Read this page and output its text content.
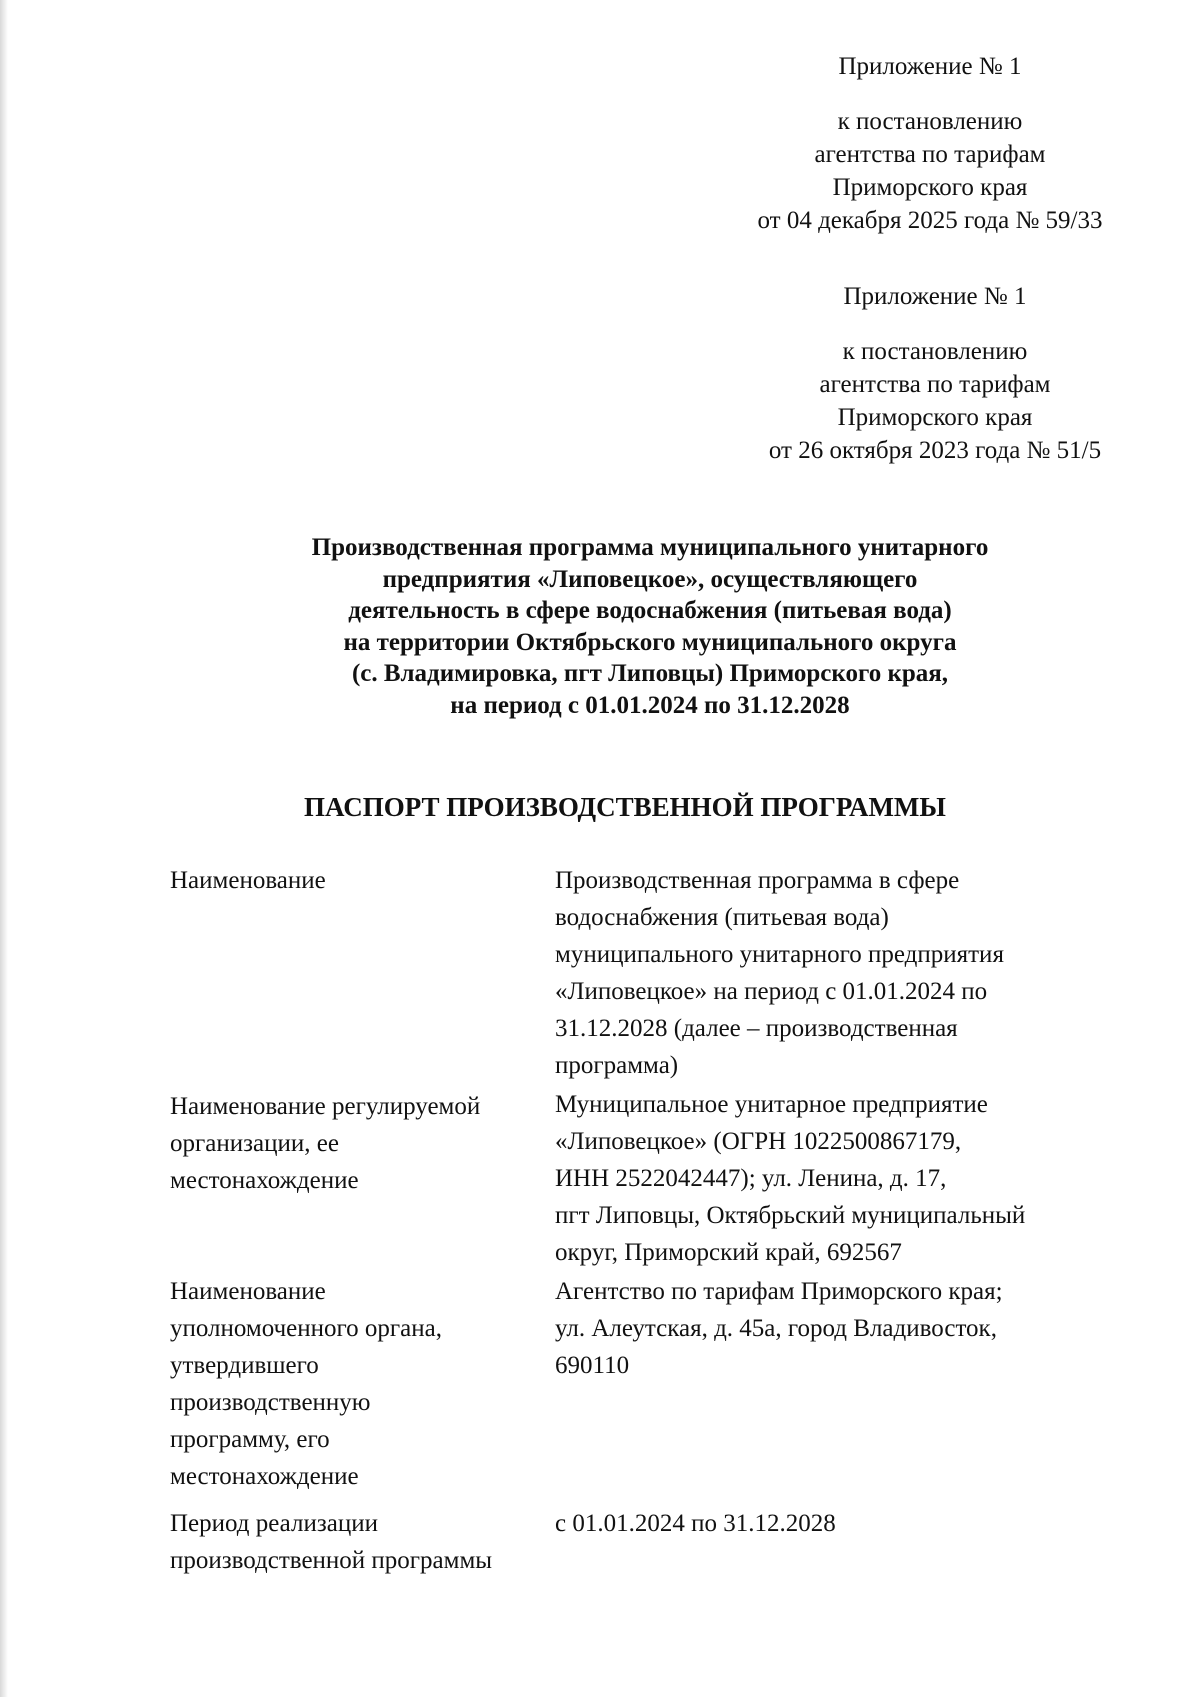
Приложение № 1
к постановлению
агентства по тарифам
Приморского края
от 04 декабря 2025 года № 59/33
Приложение № 1
к постановлению
агентства по тарифам
Приморского края
от 26 октября 2023 года № 51/5
Производственная программа муниципального унитарного
предприятия «Липовецкое», осуществляющего
деятельность в сфере водоснабжения (питьевая вода)
на территории Октябрьского муниципального округа
(с. Владимировка, пгт Липовцы) Приморского края,
на период с 01.01.2024 по 31.12.2028
ПАСПОРТ ПРОИЗВОДСТВЕННОЙ ПРОГРАММЫ
Наименование	Производственная программа в сфере
водоснабжения (питьевая вода)
муниципального унитарного предприятия
«Липовецкое» на период с 01.01.2024 по
31.12.2028 (далее – производственная
программа)
Наименование регулируемой
организации, ее
местонахождение
Муниципальное унитарное предприятие
«Липовецкое» (ОГРН 1022500867179,
ИНН 2522042447); ул. Ленина, д. 17,
пгт Липовцы, Октябрьский муниципальный
округ, Приморский край, 692567
Наименование
уполномоченного органа,
утвердившего
производственную
программу, его
местонахождение
Агентство по тарифам Приморского края;
ул. Алеутская, д. 45а, город Владивосток,
690110
Период реализации
производственной программы
с 01.01.2024 по 31.12.2028
